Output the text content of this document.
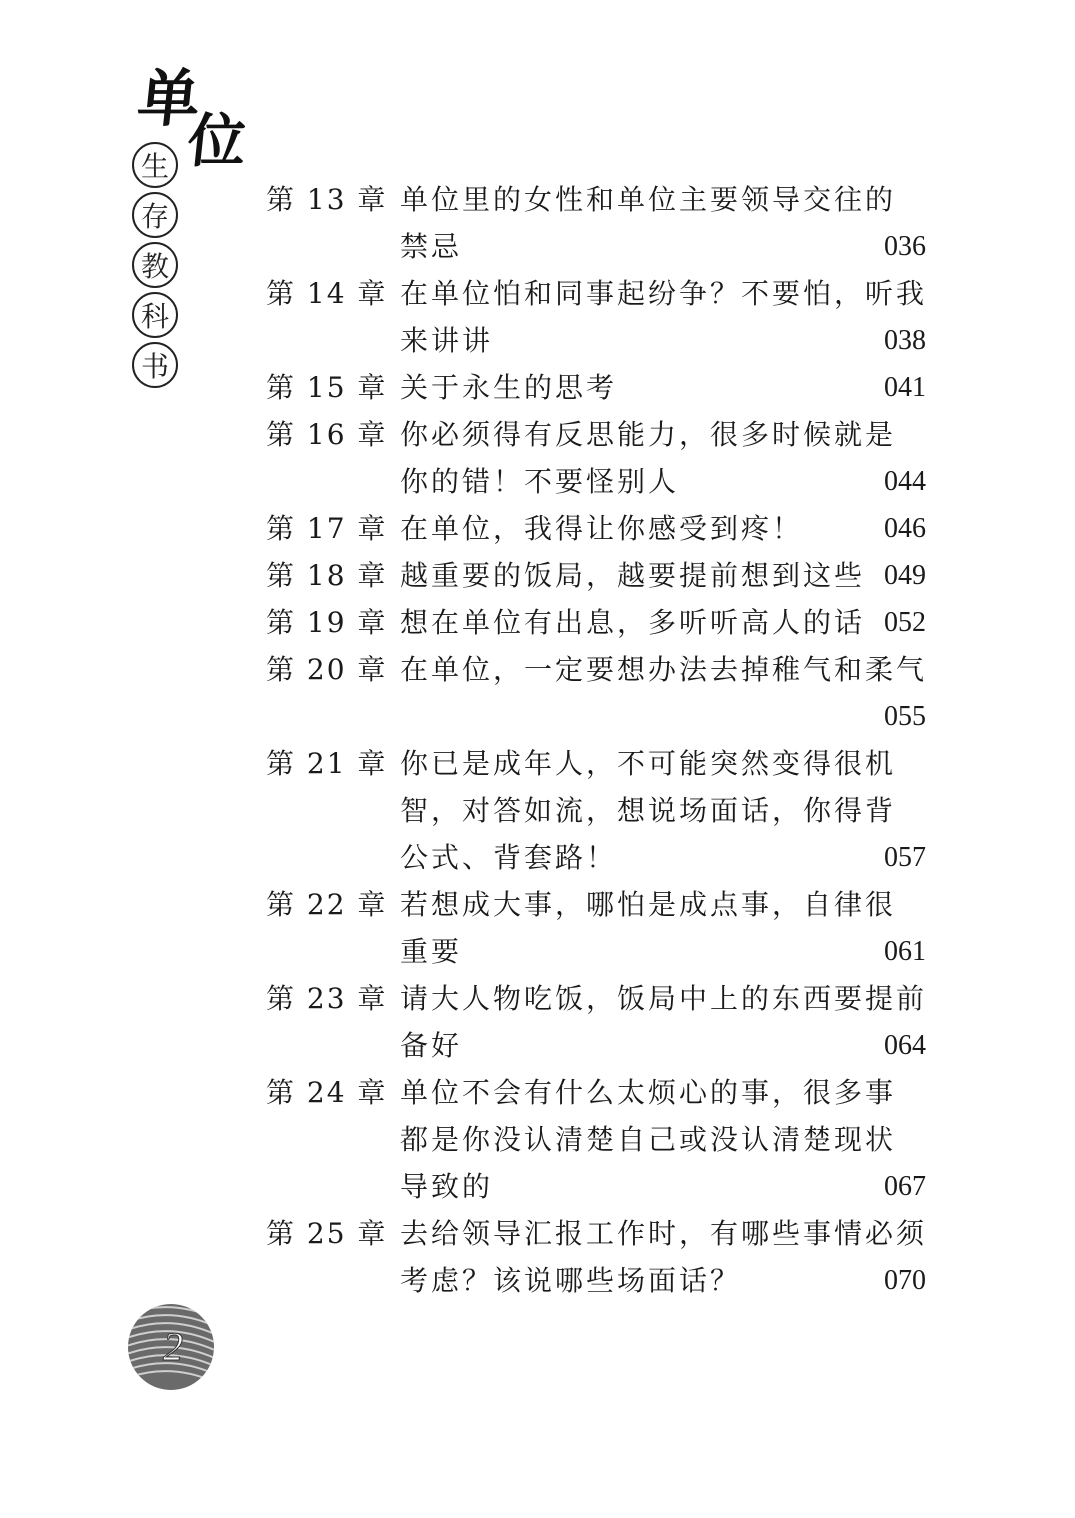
单
位
生
存
教
科
书
第 13 章 单位里的女性和单位主要领导交往的
禁忌	036
第 14 章 在单位怕和同事起纷争？不要怕，听我
来讲讲	038
第 15 章 关于永生的思考	041
第 16 章 你必须得有反思能力，很多时候就是
你的错！不要怪别人	044
第 17 章 在单位，我得让你感受到疼！	046
第 18 章 越重要的饭局，越要提前想到这些 049
第 19 章 想在单位有出息，多听听高人的话 052
第 20 章 在单位，一定要想办法去掉稚气和柔气
055
第 21 章 你已是成年人，不可能突然变得很机
智，对答如流，想说场面话，你得背
公式、背套路！	057
第 22 章 若想成大事，哪怕是成点事，自律很
重要	061
第 23 章 请大人物吃饭，饭局中上的东西要提前
备好	064
第 24 章 单位不会有什么太烦心的事，很多事
都是你没认清楚自己或没认清楚现状
导致的	067
第 25 章 去给领导汇报工作时，有哪些事情必须
考虑？该说哪些场面话？	070
2
